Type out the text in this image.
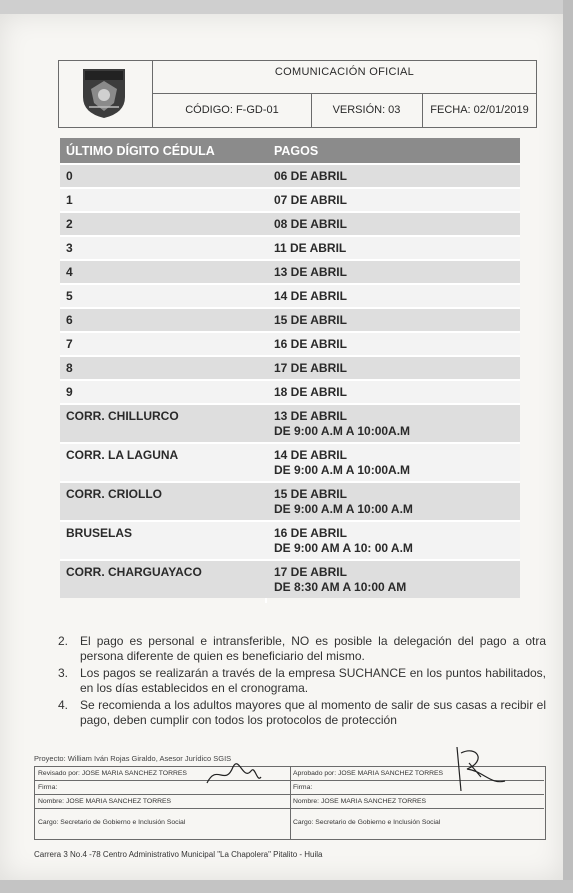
COMUNICACIÓN OFICIAL
CÓDIGO: F-GD-01	VERSIÓN: 03	FECHA: 02/01/2019
ÚLTIMO DÍGITO CÉDULA	PAGOS
0	06 DE ABRIL
1	07 DE ABRIL
2	08 DE ABRIL
3	11 DE ABRIL
4	13 DE ABRIL
5	14 DE ABRIL
6	15 DE ABRIL
7	16 DE ABRIL
8	17 DE ABRIL
9	18 DE ABRIL
CORR. CHILLURCO	13 DE ABRIL
DE 9:00 A.M A 10:00A.M
CORR. LA LAGUNA	14 DE ABRIL
DE 9:00 A.M A 10:00A.M
CORR. CRIOLLO	15 DE ABRIL
DE 9:00 A.M A 10:00 A.M
BRUSELAS	16 DE ABRIL
DE 9:00 AM A 10: 00 A.M
CORR. CHARGUAYACO	17 DE ABRIL
DE 8:30 AM A 10:00 AM
2. El pago es personal e intransferible, NO es posible la delegación del pago a otra persona diferente de quien es beneficiario del mismo.
3. Los pagos se realizarán a través de la empresa SUCHANCE en los puntos habilitados, en los días establecidos en el cronograma.
4. Se recomienda a los adultos mayores que al momento de salir de sus casas a recibir el pago, deben cumplir con todos los protocolos de protección
Proyecto: William Iván Rojas Giraldo, Asesor Jurídico SGIS
Revisado por: JOSE MARIA SANCHEZ TORRES
Firma:
Nombre: JOSE MARIA SANCHEZ TORRES
Cargo: Secretario de Gobierno e Inclusión Social
Aprobado por: JOSE MARIA SANCHEZ TORRES
Firma:
Nombre: JOSE MARIA SANCHEZ TORRES
Cargo: Secretario de Gobierno e Inclusión Social
Carrera 3 No.4 -78 Centro Administrativo Municipal "La Chapolera" Pitalito - Huila
